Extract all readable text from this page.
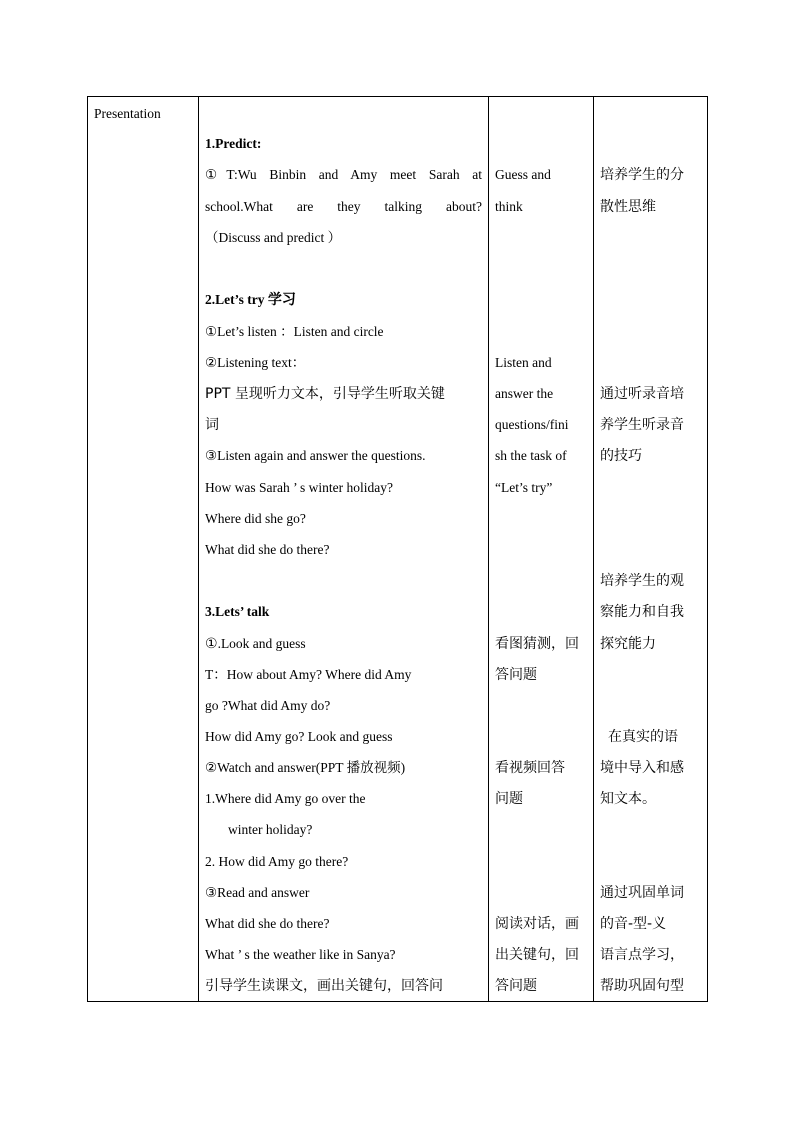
Presentation

1.Predict:
①T:Wu Binbin and Amy meet Sarah at
school.What are they talking about?
（Discuss and predict ）
2.Let’s try 学习
①Let’s listen ：Listen and circle
②Listening text：
PPT 呈现听力文本，引导学生听取关键
词
③Listen again and answer the questions.
How was Sarah ’ s winter holiday?
Where did she go?
What did she do there?
3.Lets’ talk
①.Look and guess
T：How about Amy? Where did Amy
go ?What did Amy do?
How did Amy go? Look and guess
②Watch and answer(PPT 播放视频)
1.Where did Amy go over the
winter holiday?
2. How did Amy go there?
③Read and answer
What did she do there?
What ’ s the weather like in Sanya?
引导学生读课文，画出关键句，回答问

Guess and
think
Listen and
answer the
questions/fini
sh the task of
“Let’s try”
看图猜测，回
答问题
看视频回答
问题
阅读对话，画
出关键句，回
答问题

培养学生的分
散性思维
通过听录音培
养学生听录音
的技巧
培养学生的观
察能力和自我
探究能力
在真实的语
境中导入和感
知文本。
通过巩固单词
的音-型-义
语言点学习，
帮助巩固句型
